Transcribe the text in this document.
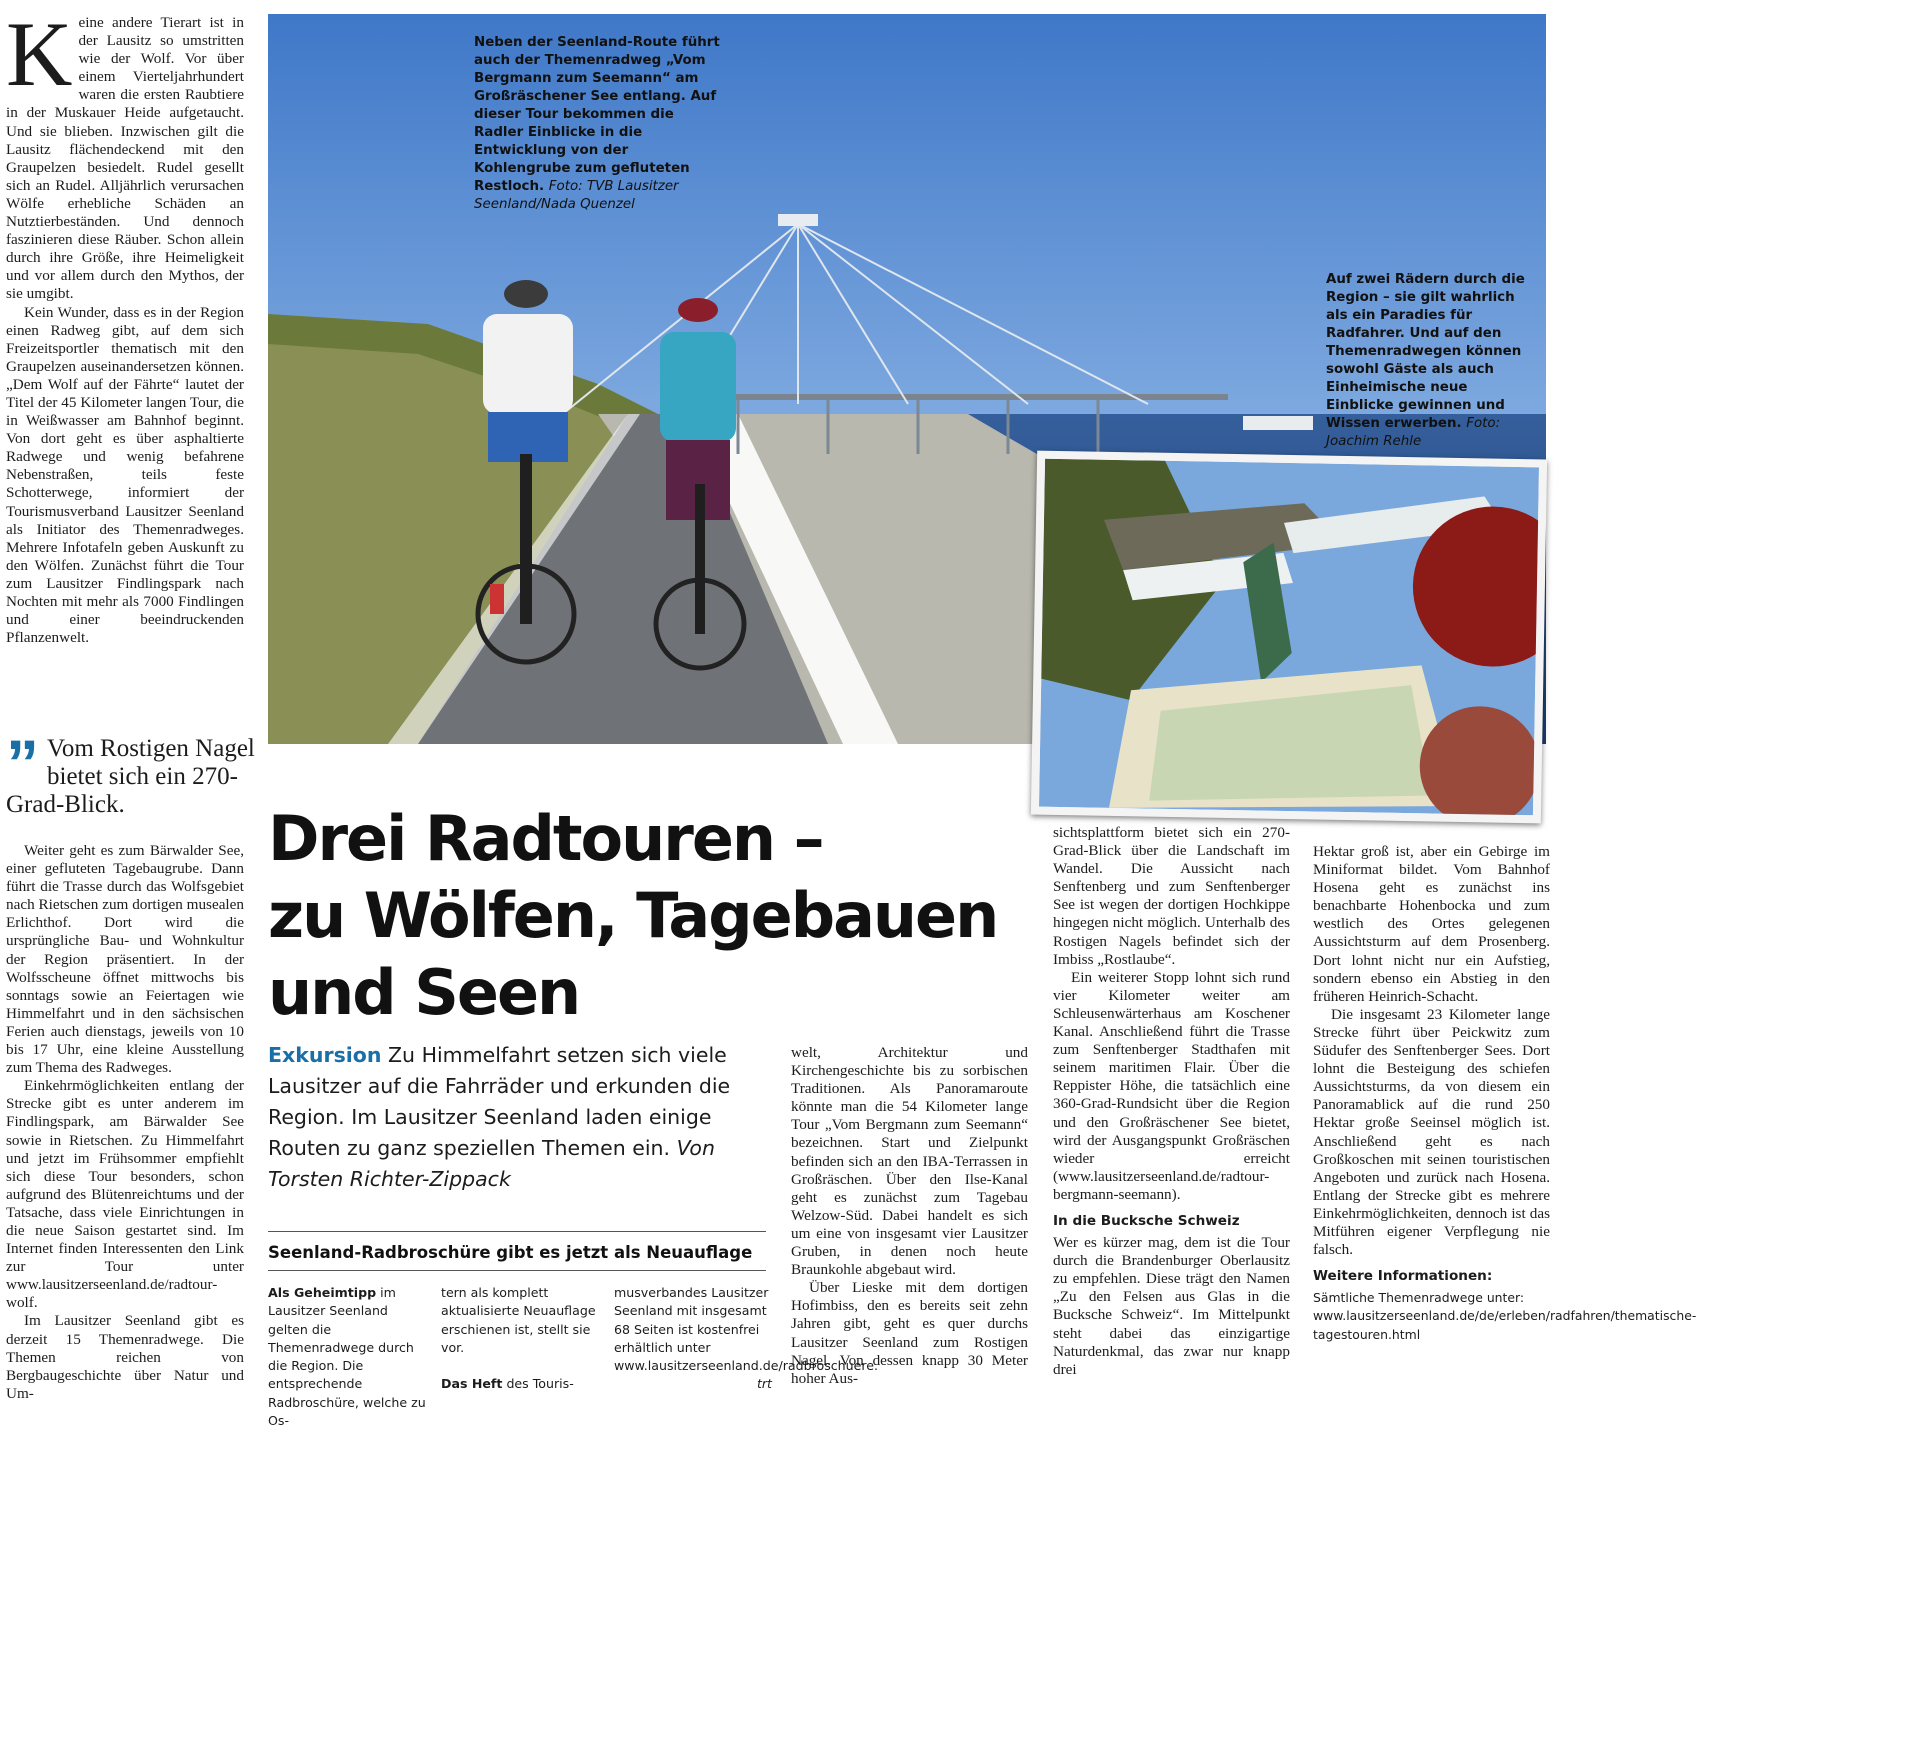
K eine andere Tierart ist in der Lausitz so umstritten wie der Wolf. Vor über einem Vierteljahrhundert waren die ersten Raubtiere in der Muskauer Heide aufgetaucht. Und sie blieben. Inzwischen gilt die Lausitz flächendeckend mit den Graupelzen besiedelt. Rudel gesellt sich an Rudel. Alljährlich verursachen Wölfe erhebliche Schäden an Nutztierbeständen. Und dennoch faszinieren diese Räuber. Schon allein durch ihre Größe, ihre Heimeligkeit und vor allem durch den Mythos, der sie umgibt.

Kein Wunder, dass es in der Region einen Radweg gibt, auf dem sich Freizeitsportler thematisch mit den Graupelzen auseinandersetzen können. „Dem Wolf auf der Fährte“ lautet der Titel der 45 Kilometer langen Tour, die in Weißwasser am Bahnhof beginnt. Von dort geht es über asphaltierte Radwege und wenig befahrene Nebenstraßen, teils feste Schotterwege, informiert der Tourismusverband Lausitzer Seenland als Initiator des Themenradweges. Mehrere Infotafeln geben Auskunft zu den Wölfen. Zunächst führt die Tour zum Lausitzer Findlingspark nach Nochten mit mehr als 7000 Findlingen und einer beeindruckenden Pflanzenwelt.

” Vom Rostigen Nagel bietet sich ein 270-Grad-Blick.

Weiter geht es zum Bärwalder See, einer gefluteten Tagebaugrube. Dann führt die Trasse durch das Wolfsgebiet nach Rietschen zum dortigen musealen Erlichthof. Dort wird die ursprüngliche Bau- und Wohnkultur der Region präsentiert. In der Wolfsscheune öffnet mittwochs bis sonntags sowie an Feiertagen wie Himmelfahrt und in den sächsischen Ferien auch dienstags, jeweils von 10 bis 17 Uhr, eine kleine Ausstellung zum Thema des Radweges.

Einkehrmöglichkeiten entlang der Strecke gibt es unter anderem im Findlingspark, am Bärwalder See sowie in Rietschen. Zu Himmelfahrt und jetzt im Frühsommer empfiehlt sich diese Tour besonders, schon aufgrund des Blütenreichtums und der Tatsache, dass viele Einrichtungen in die neue Saison gestartet sind. Im Internet finden Interessenten den Link zur Tour unter www.lausitzerseenland.de/radtour-wolf.

Im Lausitzer Seenland gibt es derzeit 15 Themenradwege. Die Themen reichen von Bergbaugeschichte über Natur und Um-

Neben der Seenland-Route führt auch der Themenradweg „Vom Bergmann zum Seemann“ am Großräschener See entlang. Auf dieser Tour bekommen die Radler Einblicke in die Entwicklung von der Kohlengrube zum gefluteten Restloch. Foto: TVB Lausitzer Seenland/Nada Quenzel
Auf zwei Rädern durch die Region – sie gilt wahrlich als ein Paradies für Radfahrer. Und auf den Themenradwegen können sowohl Gäste als auch Einheimische neue Einblicke gewinnen und Wissen erwerben. Foto: Joachim Rehle
Drei Radtouren –
zu Wölfen, Tagebauen
und Seen
Exkursion Zu Himmelfahrt setzen sich viele Lausitzer auf die Fahrräder und erkunden die Region. Im Lausitzer Seenland laden einige Routen zu ganz speziellen Themen ein. Von Torsten Richter-Zippack
Seenland-Radbroschüre gibt es jetzt als Neuauflage
Als Geheimtipp im Lausitzer Seenland gelten die Themenradwege durch die Region. Die entsprechende Radbroschüre, welche zu Os-
tern als komplett aktualisierte Neuauflage erschienen ist, stellt sie vor.
Das Heft des Touris-
musverbandes Lausitzer Seenland mit insgesamt 68 Seiten ist kostenfrei erhältlich unter www.lausitzerseenland.de/radbroschuere.
trt

welt, Architektur und Kirchengeschichte bis zu sorbischen Traditionen. Als Panoramaroute könnte man die 54 Kilometer lange Tour „Vom Bergmann zum Seemann“ bezeichnen. Start und Zielpunkt befinden sich an den IBA-Terrassen in Großräschen. Über den Ilse-Kanal geht es zunächst zum Tagebau Welzow-Süd. Dabei handelt es sich um eine von insgesamt vier Lausitzer Gruben, in denen noch heute Braunkohle abgebaut wird.

Über Lieske mit dem dortigen Hofimbiss, den es bereits seit zehn Jahren gibt, geht es quer durchs Lausitzer Seenland zum Rostigen Nagel. Von dessen knapp 30 Meter hoher Aus-

sichtsplattform bietet sich ein 270-Grad-Blick über die Landschaft im Wandel. Die Aussicht nach Senftenberg und zum Senftenberger See ist wegen der dortigen Hochkippe hingegen nicht möglich. Unterhalb des Rostigen Nagels befindet sich der Imbiss „Rostlaube“.

Ein weiterer Stopp lohnt sich rund vier Kilometer weiter am Schleusenwärterhaus am Koschener Kanal. Anschließend führt die Trasse zum Senftenberger Stadthafen mit seinem maritimen Flair. Über die Reppister Höhe, die tatsächlich eine 360-Grad-Rundsicht über die Region und den Großräschener See bietet, wird der Ausgangspunkt Großräschen wieder erreicht (www.lausitzerseenland.de/radtour-bergmann-seemann).

In die Bucksche Schweiz

Wer es kürzer mag, dem ist die Tour durch die Brandenburger Oberlausitz zu empfehlen. Diese trägt den Namen „Zu den Felsen aus Glas in die Bucksche Schweiz“. Im Mittelpunkt steht dabei das einzigartige Naturdenkmal, das zwar nur knapp drei

Hektar groß ist, aber ein Gebirge im Miniformat bildet. Vom Bahnhof Hosena geht es zunächst ins benachbarte Hohenbocka und zum westlich des Ortes gelegenen Aussichtsturm auf dem Prosenberg. Dort lohnt nicht nur ein Aufstieg, sondern ebenso ein Abstieg in den früheren Heinrich-Schacht.

Die insgesamt 23 Kilometer lange Strecke führt über Peickwitz zum Südufer des Senftenberger Sees. Dort lohnt die Besteigung des schiefen Aussichtsturms, da von diesem ein Panoramablick auf die rund 250 Hektar große Seeinsel möglich ist. Anschließend geht es nach Großkoschen mit seinen touristischen Angeboten und zurück nach Hosena. Entlang der Strecke gibt es mehrere Einkehrmöglichkeiten, dennoch ist das Mitführen eigener Verpflegung nie falsch.

Weitere Informationen:
Sämtliche Themenradwege unter: www.lausitzerseenland.de/de/erleben/radfahren/thematische-tagestouren.html
